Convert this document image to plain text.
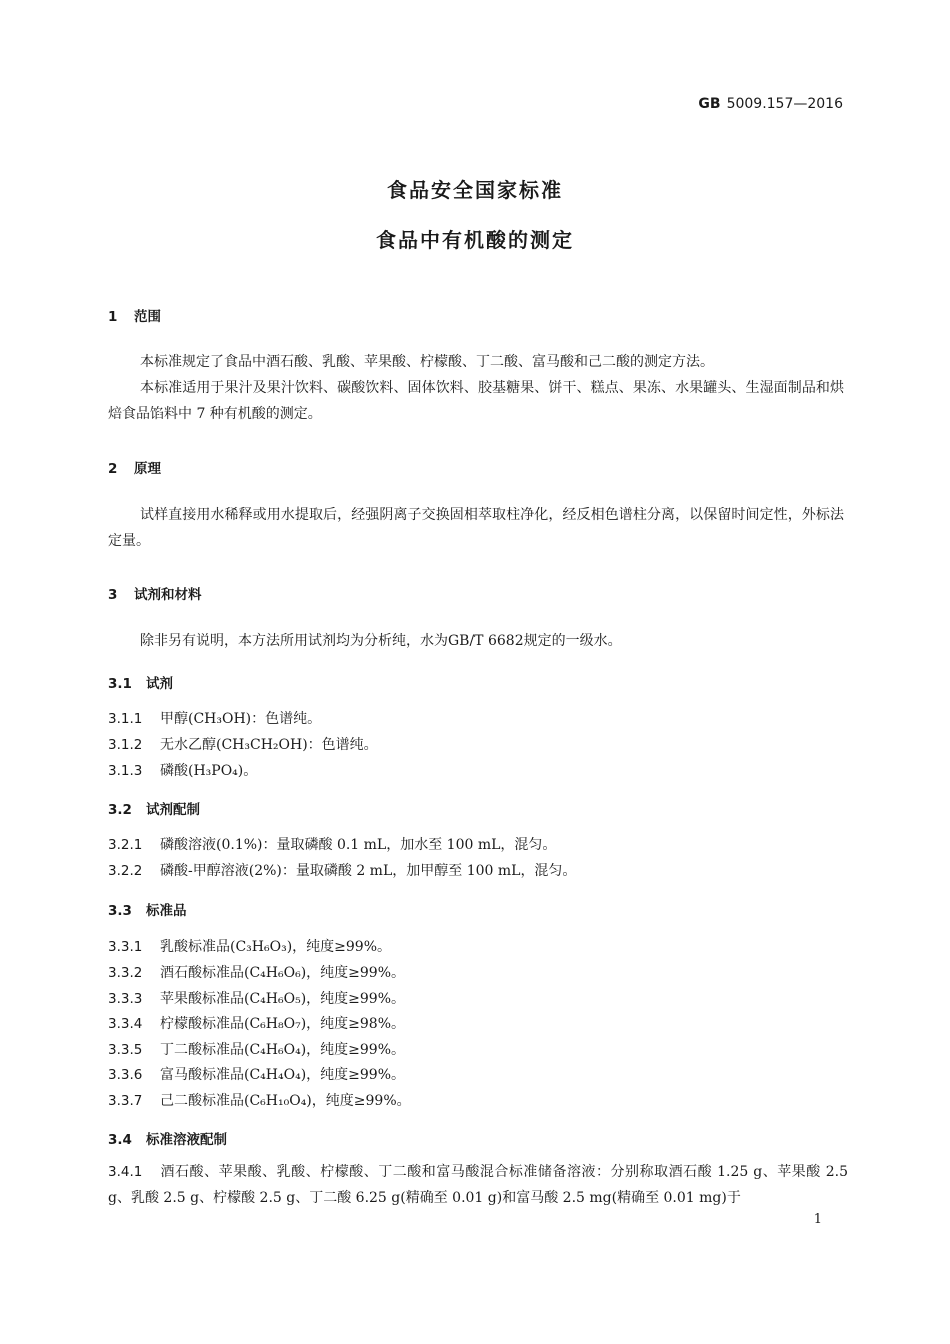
GB 5009.157—2016
食品安全国家标准
食品中有机酸的测定
1 范围
本标准规定了食品中酒石酸、乳酸、苹果酸、柠檬酸、丁二酸、富马酸和己二酸的测定方法。
本标准适用于果汁及果汁饮料、碳酸饮料、固体饮料、胶基糖果、饼干、糕点、果冻、水果罐头、生湿面制品和烘焙食品馅料中 7 种有机酸的测定。
2 原理
试样直接用水稀释或用水提取后，经强阴离子交换固相萃取柱净化，经反相色谱柱分离，以保留时间定性，外标法定量。
3 试剂和材料
除非另有说明，本方法所用试剂均为分析纯，水为GB/T 6682规定的一级水。
3.1 试剂
3.1.1 甲醇(CH₃OH)：色谱纯。
3.1.2 无水乙醇(CH₃CH₂OH)：色谱纯。
3.1.3 磷酸(H₃PO₄)。
3.2 试剂配制
3.2.1 磷酸溶液(0.1%)：量取磷酸 0.1 mL，加水至 100 mL，混匀。
3.2.2 磷酸-甲醇溶液(2%)：量取磷酸 2 mL，加甲醇至 100 mL，混匀。
3.3 标准品
3.3.1 乳酸标准品(C₃H₆O₃)，纯度≥99%。
3.3.2 酒石酸标准品(C₄H₆O₆)，纯度≥99%。
3.3.3 苹果酸标准品(C₄H₆O₅)，纯度≥99%。
3.3.4 柠檬酸标准品(C₆H₈O₇)，纯度≥98%。
3.3.5 丁二酸标准品(C₄H₆O₄)，纯度≥99%。
3.3.6 富马酸标准品(C₄H₄O₄)，纯度≥99%。
3.3.7 己二酸标准品(C₆H₁₀O₄)，纯度≥99%。
3.4 标准溶液配制
3.4.1 酒石酸、苹果酸、乳酸、柠檬酸、丁二酸和富马酸混合标准储备溶液：分别称取酒石酸 1.25 g、苹果酸 2.5 g、乳酸 2.5 g、柠檬酸 2.5 g、丁二酸 6.25 g(精确至 0.01 g)和富马酸 2.5 mg(精确至 0.01 mg)于
1
